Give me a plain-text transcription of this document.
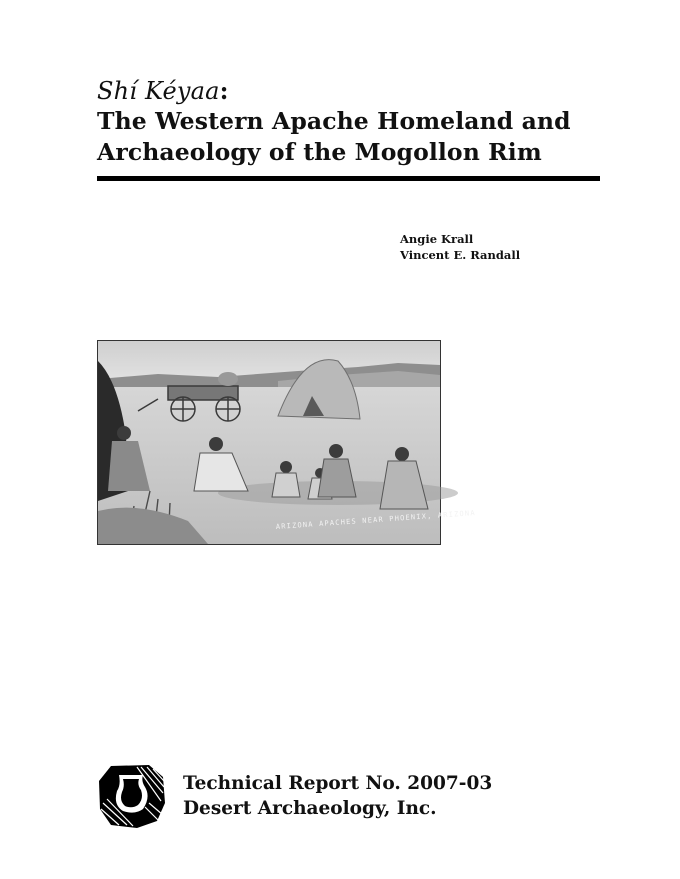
Shí Kéyaa:
The Western Apache Homeland and
Archaeology of the Mogollon Rim
Angie Krall
Vincent E. Randall
ARIZONA APACHES NEAR PHOENIX, ARIZONA
Technical Report No. 2007-03
Desert Archaeology, Inc.
